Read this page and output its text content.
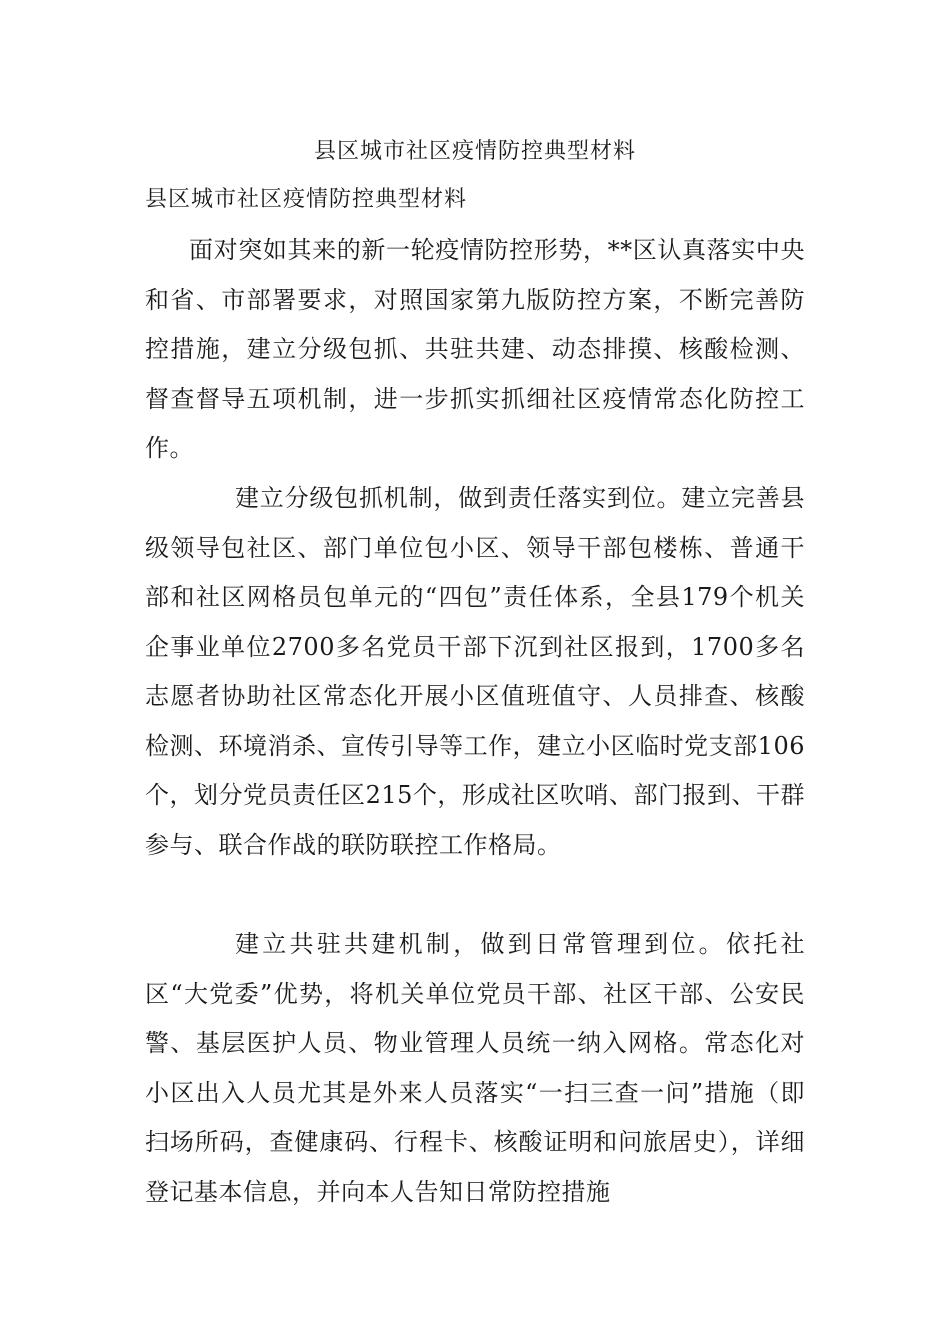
县区城市社区疫情防控典型材料
县区城市社区疫情防控典型材料

面对突如其来的新一轮疫情防控形势，**区认真落实中央和省、市部署要求，对照国家第九版防控方案，不断完善防控措施，建立分级包抓、共驻共建、动态排摸、核酸检测、督查督导五项机制，进一步抓实抓细社区疫情常态化防控工作。

建立分级包抓机制，做到责任落实到位。建立完善县级领导包社区、部门单位包小区、领导干部包楼栋、普通干部和社区网格员包单元的“四包”责任体系，全县179个机关企事业单位2700多名党员干部下沉到社区报到，1700多名志愿者协助社区常态化开展小区值班值守、人员排查、核酸检测、环境消杀、宣传引导等工作，建立小区临时党支部106个，划分党员责任区215个，形成社区吹哨、部门报到、干群参与、联合作战的联防联控工作格局。

建立共驻共建机制，做到日常管理到位。依托社区“大党委”优势，将机关单位党员干部、社区干部、公安民警、基层医护人员、物业管理人员统一纳入网格。常态化对小区出入人员尤其是外来人员落实“一扫三查一问”措施（即扫场所码，查健康码、行程卡、核酸证明和问旅居史），详细登记基本信息，并向本人告知日常防控措施
